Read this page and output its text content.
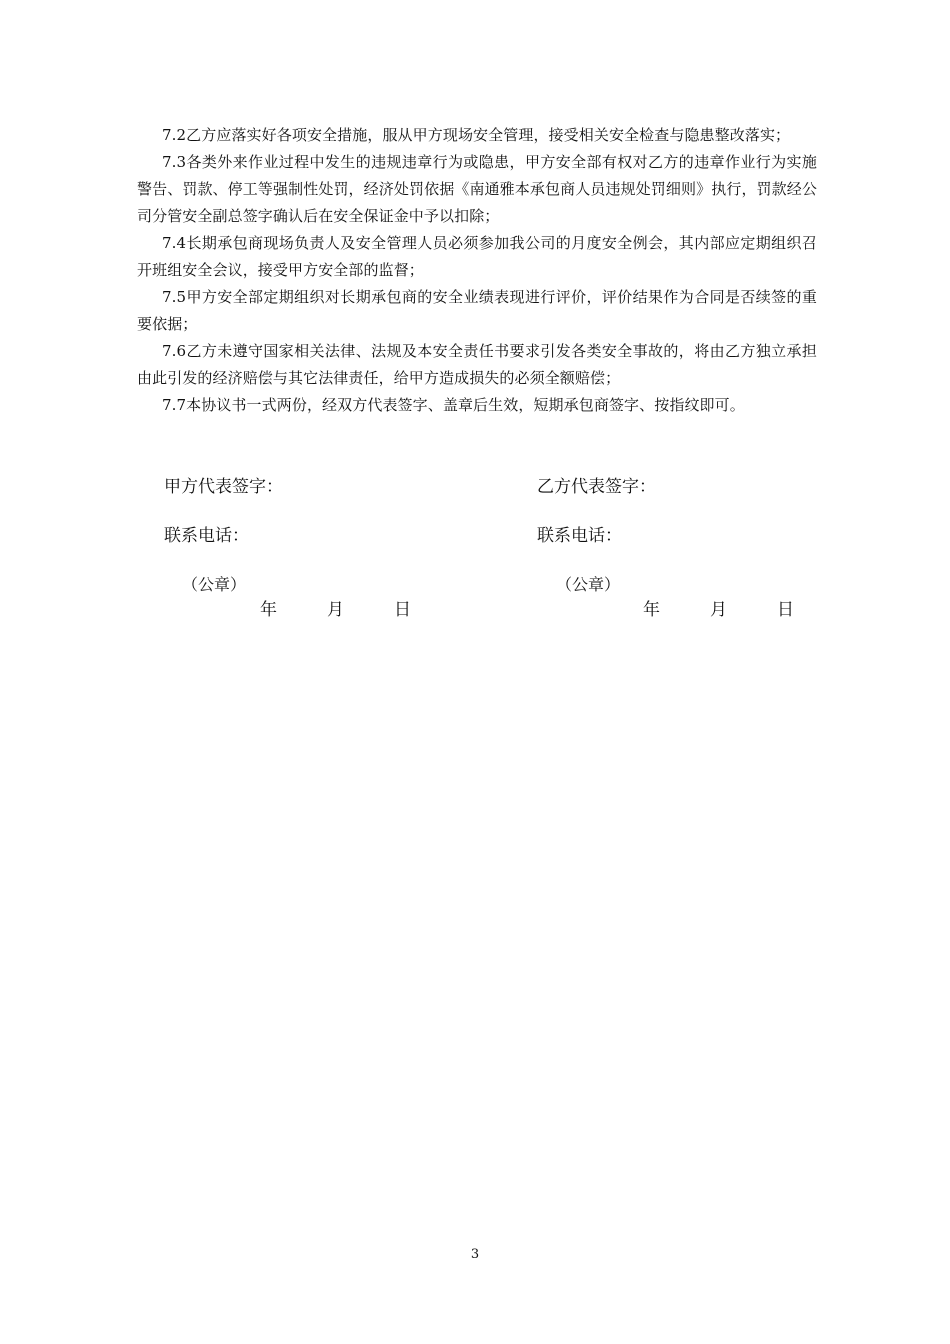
7.2乙方应落实好各项安全措施，服从甲方现场安全管理，接受相关安全检查与隐患整改落实；

7.3各类外来作业过程中发生的违规违章行为或隐患，甲方安全部有权对乙方的违章作业行为实施警告、罚款、停工等强制性处罚，经济处罚依据《南通雅本承包商人员违规处罚细则》执行，罚款经公司分管安全副总签字确认后在安全保证金中予以扣除；

7.4长期承包商现场负责人及安全管理人员必须参加我公司的月度安全例会，其内部应定期组织召开班组安全会议，接受甲方安全部的监督；

7.5甲方安全部定期组织对长期承包商的安全业绩表现进行评价，评价结果作为合同是否续签的重要依据；

7.6乙方未遵守国家相关法律、法规及本安全责任书要求引发各类安全事故的，将由乙方独立承担由此引发的经济赔偿与其它法律责任，给甲方造成损失的必须全额赔偿；

7.7本协议书一式两份，经双方代表签字、盖章后生效，短期承包商签字、按指纹即可。

甲方代表签字：
联系电话：
（公章）
年	月	日
乙方代表签字：
联系电话：
（公章）
年	月	日
3
